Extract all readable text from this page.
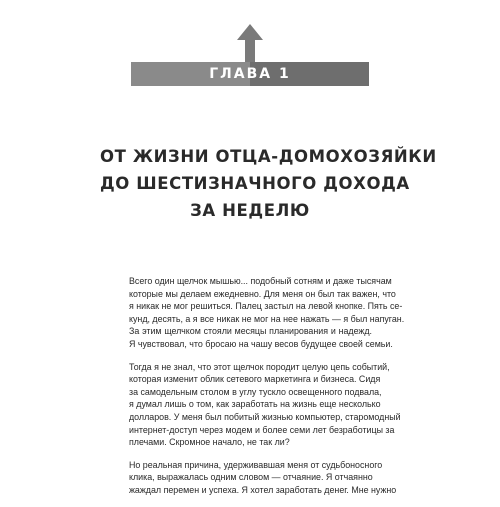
ГЛАВА 1
ОТ ЖИЗНИ ОТЦА-ДОМОХОЗЯЙКИ
ДО ШЕСТИЗНАЧНОГО ДОХОДА
ЗА НЕДЕЛЮ
Всего один щелчок мышью... подобный сотням и даже тысячам
которые мы делаем ежедневно. Для меня он был так важен, что
я никак не мог решиться. Палец застыл на левой кнопке. Пять се-
кунд, десять, а я все никак не мог на нее нажать — я был напуган.
За этим щелчком стояли месяцы планирования и надежд.
Я чувствовал, что бросаю на чашу весов будущее своей семьи.
Тогда я не знал, что этот щелчок породит целую цепь событий,
которая изменит облик сетевого маркетинга и бизнеса. Сидя
за самодельным столом в углу тускло освещенного подвала,
я думал лишь о том, как заработать на жизнь еще несколько
долларов. У меня был побитый жизнью компьютер, старомодный
интернет-доступ через модем и более семи лет безработицы за
плечами. Скромное начало, не так ли?
Но реальная причина, удерживавшая меня от судьбоносного
клика, выражалась одним словом — отчаяние. Я отчаянно
жаждал перемен и успеха. Я хотел заработать денег. Мне нужно
